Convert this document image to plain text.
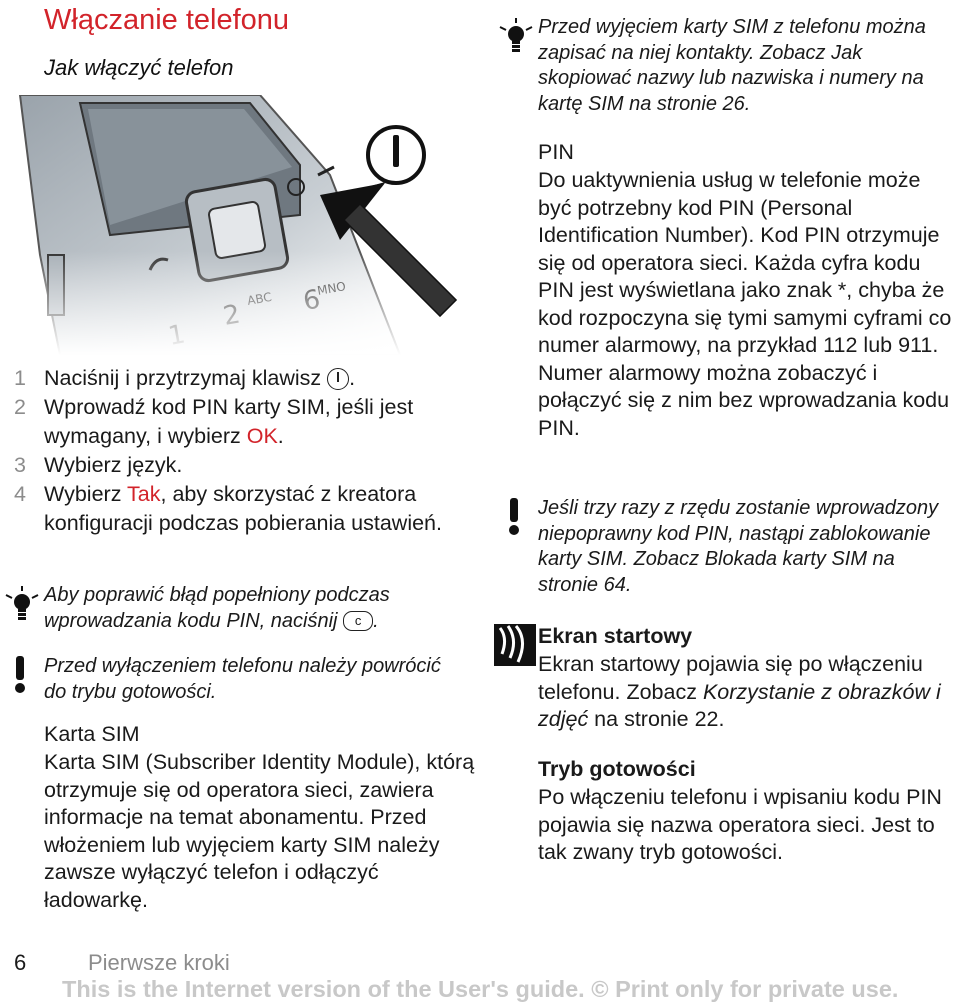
Włączanie telefonu
Jak włączyć telefon
1 Naciśnij i przytrzymaj klawisz .
2 Wprowadź kod PIN karty SIM, jeśli jest wymagany, i wybierz OK.
3 Wybierz język.
4 Wybierz Tak, aby skorzystać z kreatora konfiguracji podczas pobierania ustawień.
Aby poprawić błąd popełniony podczas wprowadzania kodu PIN, naciśnij c .
Przed wyłączeniem telefonu należy powrócić do trybu gotowości.
Karta SIM
Karta SIM (Subscriber Identity Module), którą otrzymuje się od operatora sieci, zawiera informacje na temat abonamentu. Przed włożeniem lub wyjęciem karty SIM należy zawsze wyłączyć telefon i odłączyć ładowarkę.
Przed wyjęciem karty SIM z telefonu można zapisać na niej kontakty. Zobacz Jak skopiować nazwy lub nazwiska i numery na kartę SIM na stronie 26.
PIN
Do uaktywnienia usług w telefonie może być potrzebny kod PIN (Personal Identification Number). Kod PIN otrzymuje się od operatora sieci. Każda cyfra kodu PIN jest wyświetlana jako znak *, chyba że kod rozpoczyna się tymi samymi cyframi co numer alarmowy, na przykład 112 lub 911. Numer alarmowy można zobaczyć i połączyć się z nim bez wprowadzania kodu PIN.
Jeśli trzy razy z rzędu zostanie wprowadzony niepoprawny kod PIN, nastąpi zablokowanie karty SIM. Zobacz Blokada karty SIM na stronie 64.
Ekran startowy
Ekran startowy pojawia się po włączeniu telefonu. Zobacz Korzystanie z obrazków i zdjęć na stronie 22.
Tryb gotowości
Po włączeniu telefonu i wpisaniu kodu PIN pojawia się nazwa operatora sieci. Jest to tak zwany tryb gotowości.
6	Pierwsze kroki
This is the Internet version of the User's guide. © Print only for private use.
